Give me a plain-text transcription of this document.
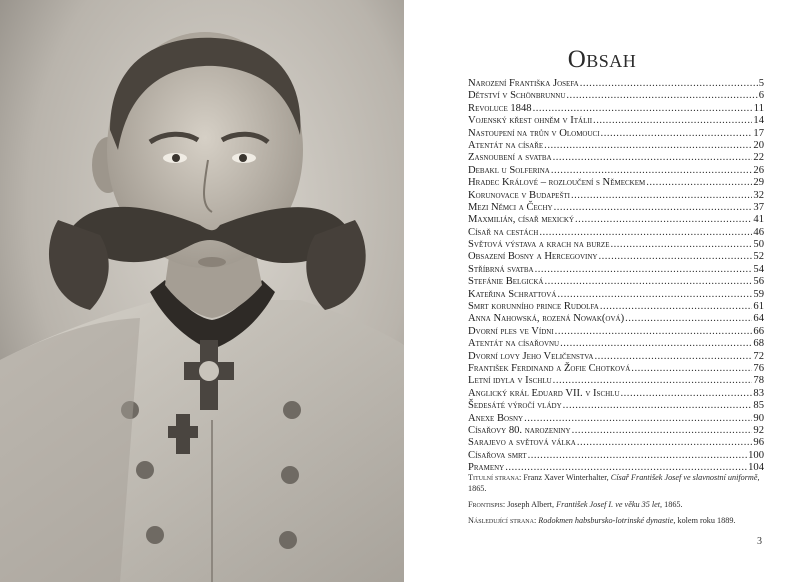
Obsah
Narození Františka Josefa .....	5
Dětství v Schönbrunnu .....	6
Revoluce 1848 .....	11
Vojenský křest ohněm v Itálii .....	14
Nastoupení na trůn v Olomouci .....	17
Atentát na císaře .....	20
Zasnoubení a svatba .....	22
Debakl u Solferina .....	26
Hradec Králové – rozloučení s Německem .....	29
Korunovace v Budapešti .....	32
Mezi Němci a Čechy .....	37
Maxmilián, císař mexický .....	41
Císař na cestách .....	46
Světová výstava a krach na burze .....	50
Obsazení Bosny a Hercegoviny .....	52
Stříbrná svatba .....	54
Stefánie Belgická .....	56
Kateřina Schrattová .....	59
Smrt korunního prince Rudolfa .....	61
Anna Nahowská, rozená Nowak(ová) .....	64
Dvorní ples ve Vídni .....	66
Atentát na císařovnu .....	68
Dvorní lovy Jeho Veličenstva .....	72
František Ferdinand a Žofie Chotková .....	76
Letní idyla v Ischlu .....	78
Anglický král Eduard VII. v Ischlu .....	83
Šedesáté výročí vlády .....	85
Anexe Bosny .....	90
Císařovy 80. narozeniny .....	92
Sarajevo a světová válka .....	96
Císařova smrt .....	100
Prameny .....	104

Titulní strana: Franz Xaver Winterhalter, Císař František Josef ve slavnostní uniformě, 1865.

Frontispis: Joseph Albert, František Josef I. ve věku 35 let, 1865.

Následující strana: Rodokmen habsbursko-lotrinské dynastie, kolem roku 1889.

3
